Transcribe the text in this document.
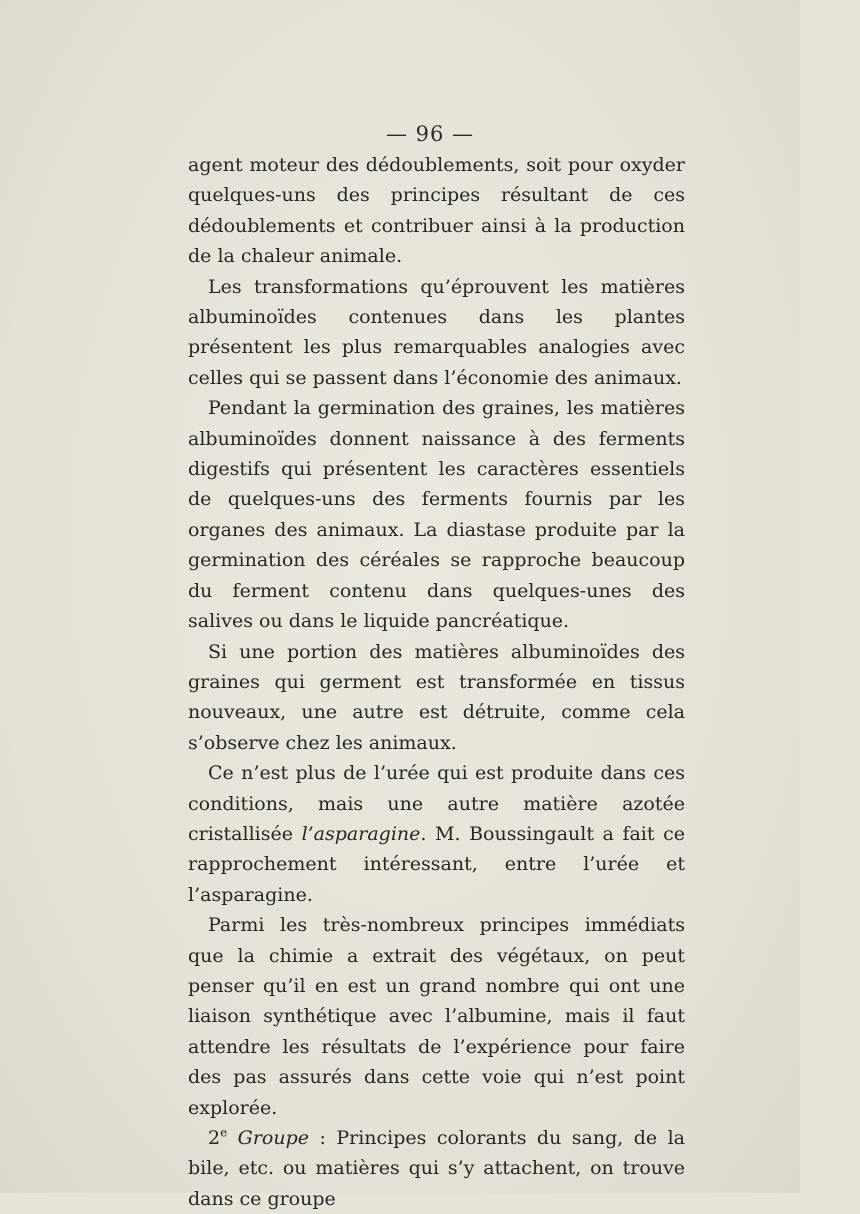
— 96 —

agent moteur des dédoublements, soit pour oxyder quelques-uns des principes résultant de ces dédoublements et contribuer ainsi à la production de la chaleur animale.

Les transformations qu’éprouvent les matières albuminoïdes contenues dans les plantes présentent les plus remarquables analogies avec celles qui se passent dans l’économie des animaux.

Pendant la germination des graines, les matières albuminoïdes donnent naissance à des ferments digestifs qui présentent les caractères essentiels de quelques-uns des ferments fournis par les organes des animaux. La diastase produite par la germination des céréales se rapproche beaucoup du ferment contenu dans quelques-unes des salives ou dans le liquide pancréatique.

Si une portion des matières albuminoïdes des graines qui germent est transformée en tissus nouveaux, une autre est détruite, comme cela s’observe chez les animaux.

Ce n’est plus de l’urée qui est produite dans ces conditions, mais une autre matière azotée cristallisée l’asparagine. M. Boussingault a fait ce rapprochement intéressant, entre l’urée et l’asparagine.

Parmi les très-nombreux principes immédiats que la chimie a extrait des végétaux, on peut penser qu’il en est un grand nombre qui ont une liaison synthétique avec l’albumine, mais il faut attendre les résultats de l’expérience pour faire des pas assurés dans cette voie qui n’est point explorée.

2e Groupe : Principes colorants du sang, de la bile, etc. ou matières qui s’y attachent, on trouve dans ce groupe
